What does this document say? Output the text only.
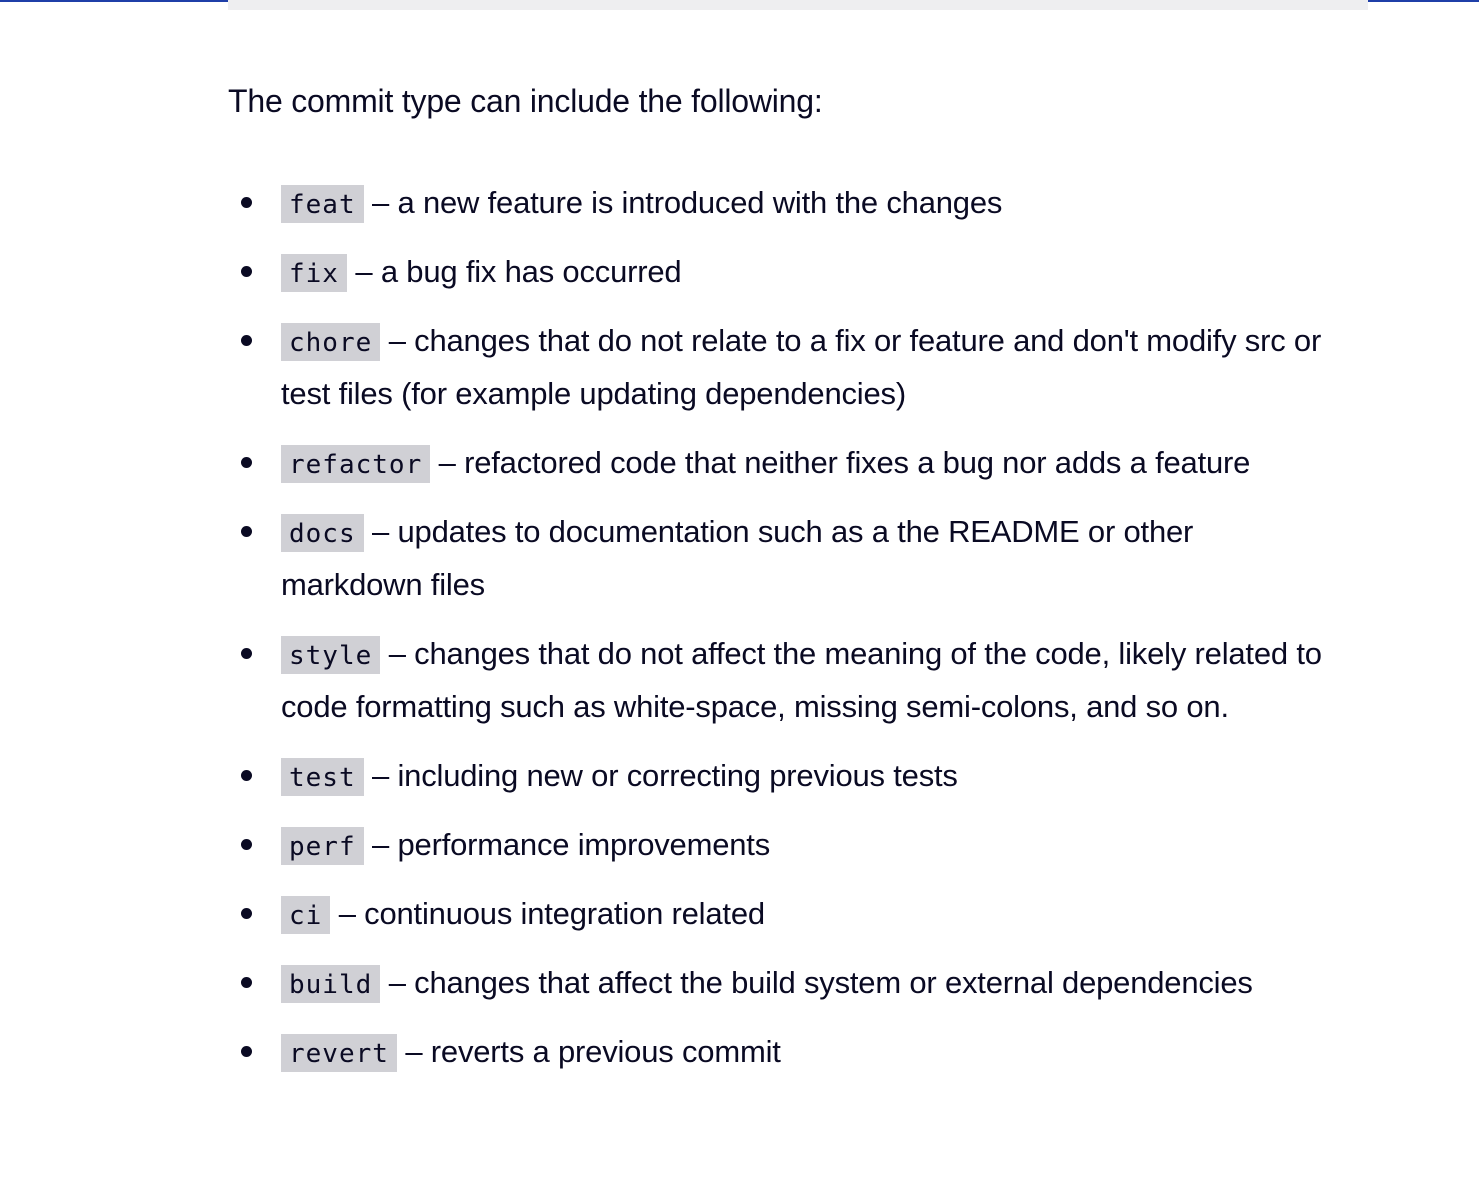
The commit type can include the following:

feat – a new feature is introduced with the changes
fix – a bug fix has occurred
chore – changes that do not relate to a fix or feature and don't modify src or test files (for example updating dependencies)
refactor – refactored code that neither fixes a bug nor adds a feature
docs – updates to documentation such as a the README or other markdown files
style – changes that do not affect the meaning of the code, likely related to code formatting such as white-space, missing semi-colons, and so on.
test – including new or correcting previous tests
perf – performance improvements
ci – continuous integration related
build – changes that affect the build system or external dependencies
revert – reverts a previous commit
